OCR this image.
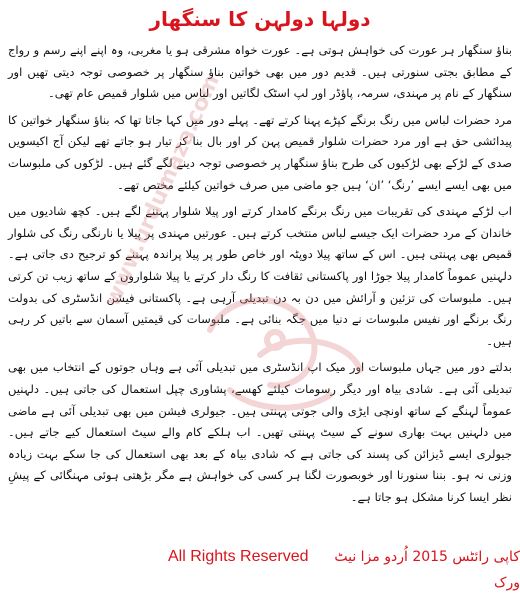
دولہا دولہن کا سنگھار

بناؤ سنگھار ہر عورت کی خواہش ہوتی ہے۔ عورت خواہ مشرقی ہو یا مغربی، وہ اپنے اپنے رسم و رواج کے مطابق بجتی سنورتی ہیں۔ قدیم دور میں بھی خواتین بناؤ سنگھار پر خصوصی توجہ دیتی تھیں اور سنگھار کے نام پر مہندی، سرمہ، پاؤڈر اور لپ اسٹک لگاتیں اور لباس میں شلوار قمیص عام تھی۔

مرد حضرات لباس میں رنگ برنگے کپڑے پہنا کرتے تھے۔ پہلے دور میں کہا جاتا تھا کہ بناؤ سنگھار خواتین کا پیدائشی حق ہے اور مرد حضرات شلوار قمیص پہن کر اور بال بنا کر تیار ہو جاتے تھے لیکن آج اکیسویں صدی کے لڑکے بھی لڑکیوں کی طرح بناؤ سنگھار پر خصوصی توجہ دینے لگے گئے ہیں۔ لڑکوں کی ملبوسات میں بھی ایسے ایسے ’رنگ‘ ’ان‘ ہیں جو ماضی میں صرف خواتین کیلئے مختص تھے۔

اب لڑکے مہندی کی تقریبات میں رنگ برنگے کامدار کرتے اور پیلا شلوار پہننے لگے ہیں۔ کچھ شادیوں میں خاندان کے مرد حضرات ایک جیسے لباس منتخب کرتے ہیں۔ عورتیں مہندی پر پیلا یا نارنگی رنگ کی شلوار قمیص بھی پہنتی ہیں۔ اس کے ساتھ پیلا دوپٹہ اور خاص طور پر پیلا پراندہ پہننے کو ترجیح دی جاتی ہے۔ دلہنیں عموماً کامدار پیلا جوڑا اور پاکستانی ثقافت کا رنگ دار کرتے یا پیلا شلواروں کے ساتھ زیب تن کرتی ہیں۔ ملبوسات کی تزئین و آرائش میں دن بہ دن تبدیلی آرہی ہے۔ پاکستانی فیشن انڈسٹری کی بدولت رنگ برنگے اور نفیس ملبوسات نے دنیا میں جگہ بنائی ہے۔ ملبوسات کی قیمتیں آسمان سے باتیں کر رہی ہیں۔

بدلتے دور میں جہاں ملبوسات اور میک اپ انڈسٹری میں تبدیلی آئی ہے وہاں جوتوں کے انتخاب میں بھی تبدیلی آئی ہے۔ شادی بیاہ اور دیگر رسومات کیلئے کھسے، پشاوری چپل استعمال کی جاتی ہیں۔ دلہنیں عموماً لہنگے کے ساتھ اونچی ایڑی والی جوتی پہنتی ہیں۔ جیولری فیشن میں بھی تبدیلی آئی ہے ماضی میں دلہنیں بہت بھاری سونے کے سیٹ پہنتی تھیں۔ اب ہلکے کام والے سیٹ استعمال کیے جاتے ہیں۔ جیولری ایسے ڈیزائن کی پسند کی جاتی ہے کہ شادی بیاہ کے بعد بھی استعمال کی جا سکے بہت زیادہ وزنی نہ ہو۔ بننا سنورنا اور خوبصورت لگنا ہر کسی کی خواہش ہے مگر بڑھتی ہوئی مہنگائی کے پیشِ نظر ایسا کرنا مشکل ہو جاتا ہے۔

www.urdumaza.com
All Rights Reserved	کاپی رائٹس 2015 اُردو مزا نیٹ ورک
